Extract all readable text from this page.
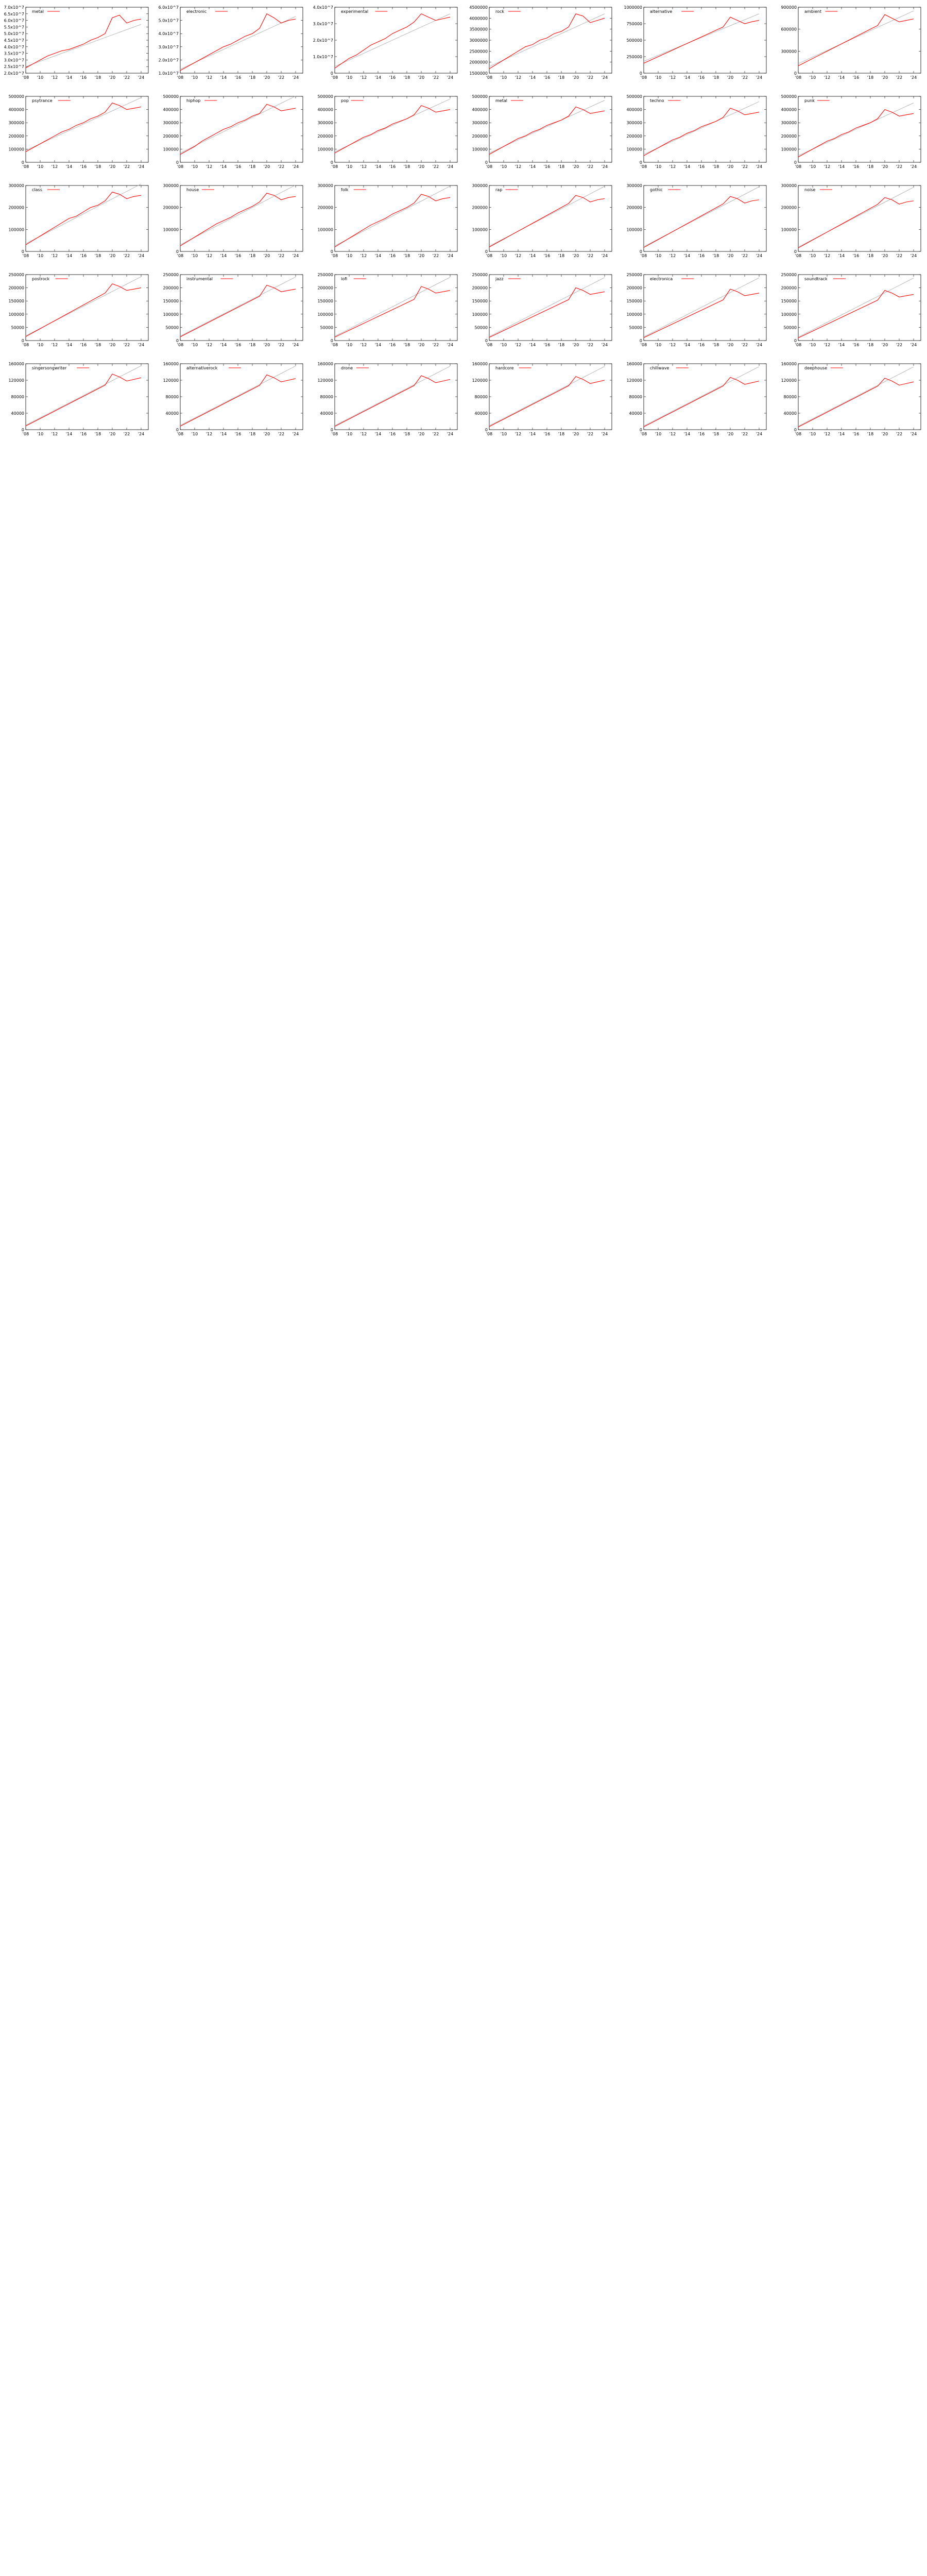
2.0x10^7
2.5x10^7
3.0x10^7
3.5x10^7
4.0x10^7
4.5x10^7
5.0x10^7
5.5x10^7
6.0x10^7
6.5x10^7
7.0x10^7
'08 '10 '12 '14 '16 '18 '20 '22 '24
metal
1.0x10^7
2.0x10^7
3.0x10^7
4.0x10^7
5.0x10^7
6.0x10^7
'08 '10 '12 '14 '16 '18 '20 '22 '24
electronic
0
1.0x10^7
2.0x10^7
3.0x10^7
4.0x10^7
'08 '10 '12 '14 '16 '18 '20 '22 '24
experimental
1500000
2000000
2500000
3000000
3500000
4000000
4500000
'08 '10 '12 '14 '16 '18 '20 '22 '24
rock
0
250000
500000
750000
1000000
'08 '10 '12 '14 '16 '18 '20 '22 '24
alternative
0
300000
600000
900000
'08 '10 '12 '14 '16 '18 '20 '22 '24
ambient
0
100000
200000
300000
400000
500000
'08 '10 '12 '14 '16 '18 '20 '22 '24
psytrance
0
100000
200000
300000
400000
500000
'08 '10 '12 '14 '16 '18 '20 '22 '24
hiphop
0
100000
200000
300000
400000
500000
'08 '10 '12 '14 '16 '18 '20 '22 '24
pop
0
100000
200000
300000
400000
500000
'08 '10 '12 '14 '16 '18 '20 '22 '24
metal
0
100000
200000
300000
400000
500000
'08 '10 '12 '14 '16 '18 '20 '22 '24
techno
0
100000
200000
300000
400000
500000
'08 '10 '12 '14 '16 '18 '20 '22 '24
punk
0
100000
200000
300000
'08 '10 '12 '14 '16 '18 '20 '22 '24
class
0
100000
200000
300000
'08 '10 '12 '14 '16 '18 '20 '22 '24
house
0
100000
200000
300000
'08 '10 '12 '14 '16 '18 '20 '22 '24
folk
0
100000
200000
300000
'08 '10 '12 '14 '16 '18 '20 '22 '24
rap
0
100000
200000
300000
'08 '10 '12 '14 '16 '18 '20 '22 '24
gothic
0
100000
200000
300000
'08 '10 '12 '14 '16 '18 '20 '22 '24
noise
0
50000
100000
150000
200000
250000
'08 '10 '12 '14 '16 '18 '20 '22 '24
postrock
0
50000
100000
150000
200000
250000
'08 '10 '12 '14 '16 '18 '20 '22 '24
instrumental
0
50000
100000
150000
200000
250000
'08 '10 '12 '14 '16 '18 '20 '22 '24
lofi
0
50000
100000
150000
200000
250000
'08 '10 '12 '14 '16 '18 '20 '22 '24
jazz
0
50000
100000
150000
200000
250000
'08 '10 '12 '14 '16 '18 '20 '22 '24
electronica
0
50000
100000
150000
200000
250000
'08 '10 '12 '14 '16 '18 '20 '22 '24
soundtrack
0
40000
80000
120000
160000
'08 '10 '12 '14 '16 '18 '20 '22 '24
singersongwriter
0
40000
80000
120000
160000
'08 '10 '12 '14 '16 '18 '20 '22 '24
alternativerock
0
40000
80000
120000
160000
'08 '10 '12 '14 '16 '18 '20 '22 '24
drone
0
40000
80000
120000
160000
'08 '10 '12 '14 '16 '18 '20 '22 '24
hardcore
0
40000
80000
120000
160000
'08 '10 '12 '14 '16 '18 '20 '22 '24
chillwave
0
40000
80000
120000
160000
'08 '10 '12 '14 '16 '18 '20 '22 '24
deephouse
